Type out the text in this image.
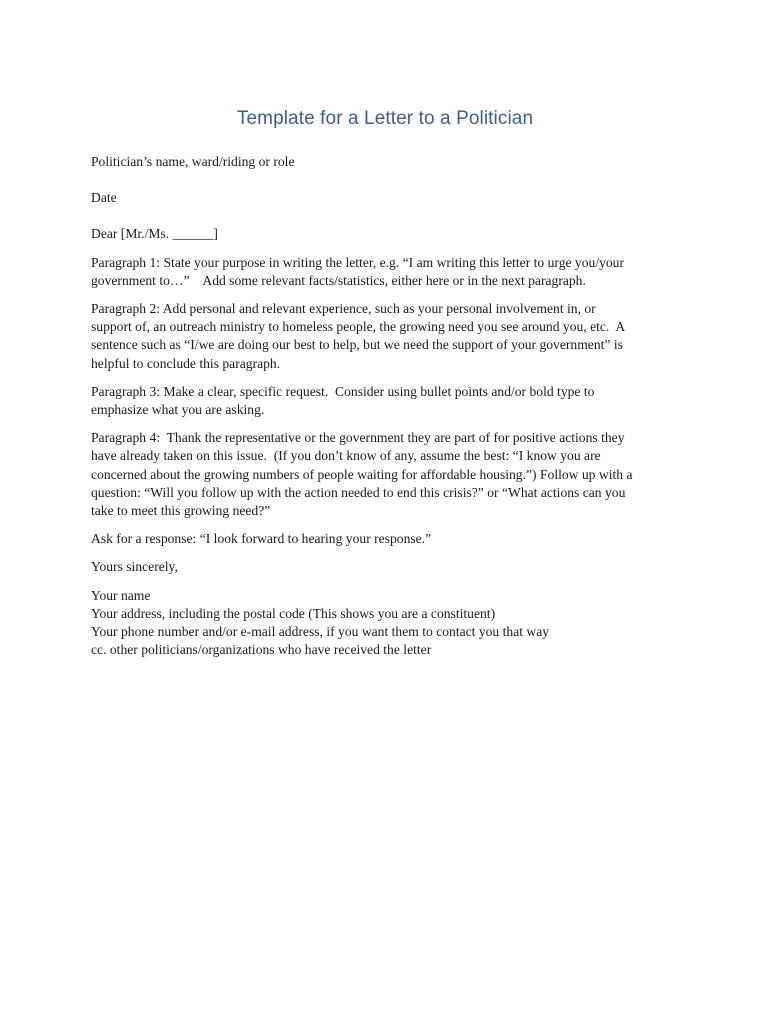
Template for a Letter to a Politician
Politician’s name, ward/riding or role
Date
Dear [Mr./Ms. ______]
Paragraph 1: State your purpose in writing the letter, e.g. “I am writing this letter to urge you/your
government to…”    Add some relevant facts/statistics, either here or in the next paragraph.
Paragraph 2: Add personal and relevant experience, such as your personal involvement in, or
support of, an outreach ministry to homeless people, the growing need you see around you, etc.  A
sentence such as “I/we are doing our best to help, but we need the support of your government” is
helpful to conclude this paragraph.
Paragraph 3: Make a clear, specific request.  Consider using bullet points and/or bold type to
emphasize what you are asking.
Paragraph 4:  Thank the representative or the government they are part of for positive actions they
have already taken on this issue.  (If you don’t know of any, assume the best: “I know you are
concerned about the growing numbers of people waiting for affordable housing.”) Follow up with a
question: “Will you follow up with the action needed to end this crisis?” or “What actions can you
take to meet this growing need?”
Ask for a response: “I look forward to hearing your response.”
Yours sincerely,
Your name
Your address, including the postal code (This shows you are a constituent)
Your phone number and/or e-mail address, if you want them to contact you that way
cc. other politicians/organizations who have received the letter
